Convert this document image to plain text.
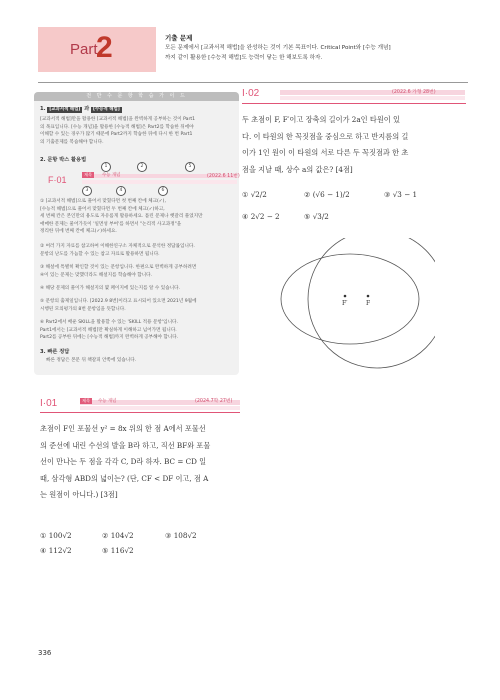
Part
2	기출 문제
모든 문제에서 [교과서적 해법]을 완성하는 것이 기본 목표이다. Critical Point와 [수능 개념]
까지 같이 활용한 [수능적 해법]도 능력이 닿는 한 해보도록 하자.
전 반 수 문 항 학 습 가 이 드
1. [교과서적 해법] 과 [수능적 해법]
[교과서적 해법]만을 활용한 [교과서적 해법]을 완벽하게 공부하는 것이 Part1
의 목표입니다. [수능 개념]을 활용한 [수능적 해법]은 Part2를 학습한 뒤에야
이해할 수 있는 경우가 많기 때문에 Part2까지 학습한 뒤에 다시 한 번 Part1
의 기출문제를 복습해야 합니다.
2. 문항 박스 활용법
F·01
1	2	5
제목	수능 개념	(2022.6 11번)
3	4	6
① [교과서적 해법]으로 풀어서 맞혔다면 첫 번째 칸에 체크(✓),
[수능적 해법]으로 풀어서 맞혔다면 두 번째 칸에 체크(✓)하고,
세 번째 칸은 본인만의 용도로 자유롭게 활용하세요. 틀린 문제나 헷갈리 풀었지만
애매한 문제는 물어가듯이 '일면성 부여'를 하면서 "논리적 사고과정"을
정리한 뒤에 번째 칸에 체크(✓)하세요.
② 여러 가지 자료를 참고하여 이해한연구소 자체적으로 분석한 정답률입니다.
문항의 난도를 가늠할 수 있는 참고 자료로 활용하면 됩니다.
③ 해설에 특별히 확인할 것이 있는 문항입니다. 한편으로 완벽하게 공부하려면
④이 있는 문제는 맞했더라도 해설지를 학습해야 합니다.
④ 해당 문제의 풀이가 해설지의 몇 페이지에 있는지를 알 수 있습니다.
⑤ 문항의 출제일입니다. [2022.9 8번]이라고 표시되어 있으면 2021년 9월에
시행된 모의평가의 8번 문항임을 뜻합니다.
⑥ Part2에서 배운 SKILL을 활용할 수 있는 'SKILL 적용 문항'입니다.
Part1에서는 [교과서적 해법]만 확실하게 이해하고 넘어가면 됩니다.
Part2를 공부한 뒤에는 [수능적 해법]까지 완벽하게 공부해야 합니다.
3. 빠른 정답
빠른 정답은 본문 뒤 책갈피 안쪽에 있습니다.
I·01	제목	수능 개념	(2024.7학 27번)
초점이 F인 포물선 y² = 8x 위의 한 점 A에서 포물선
의 준선에 내린 수선의 발을 B라 하고, 직선 BF와 포물
선이 만나는 두 점을 각각 C, D라 하자. BC = CD 일
때, 삼각형 ABD의 넓이는? (단, CF < DF 이고, 점 A
는 원점이 아니다.) [3점]
① 100√2	② 104√2	③ 108√2
④ 112√2	⑤ 116√2
I·02	(2022.6 가형 28번)
두 초점이 F, F′이고 장축의 길이가 2a인 타원이 있
다. 이 타원의 한 꼭짓점을 중심으로 하고 반지름의 길
이가 1인 원이 이 타원의 서로 다른 두 꼭짓점과 한 초
점을 지날 때, 상수 a의 값은? [4점]
① √2/2	② (√6 − 1)/2	③ √3 − 1
④ 2√2 − 2	⑤ √3/2
F′	F
336
